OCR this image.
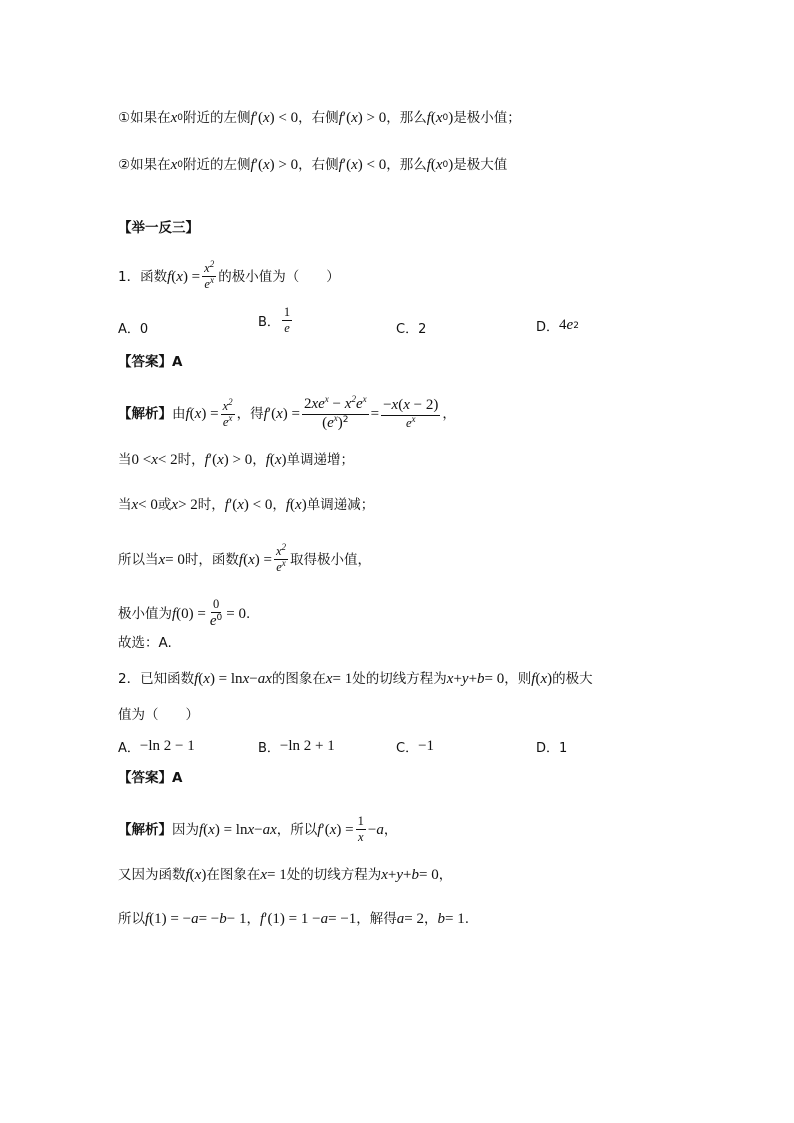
①如果在 x 0 附近的左侧 f ′( x ) < 0 ，右侧 f ′( x ) > 0 ，那么 f ( x 0 ) 是极小值；
②如果在 x 0 附近的左侧 f ′( x ) > 0 ，右侧 f ′( x ) < 0 ，那么 f ( x 0 ) 是极大值
【举一反三】
1．函数 f ( x ) = $\frac{x^2}{e^x}$ 的极小值为（　　）
A．0	B． $\frac{1}{e}$	C．2	D． 4 e 2
【答案】A
【解析】 由 f ( x ) = $\frac{x^2}{e^x}$ ，得 f ′( x ) = $\frac{2xe^x - x^2e^x}{(e^x)^2} = \frac{-x(x - 2)}{e^x}$ ，
当 0 < x < 2 时， f ′( x ) > 0 ， f ( x ) 单调递增；
当 x < 0 或 x > 2 时， f ′( x ) < 0 ， f ( x ) 单调递减；
所以当 x = 0 时，函数 f ( x ) = $\frac{x^2}{e^x}$ 取得极小值，
极小值为 f $(0) = \frac{0}{e^0} = 0$ .
故选：A.
2．已知函数 f ( x ) = ln x − ax 的图象在 x = 1 处的切线方程为 x + y + b = 0 ，则 f ( x ) 的极大
值为（　　）
A． −ln 2 − 1	B． −ln 2 + 1	C． −1	D．1
【答案】A
【解析】 因为 f ( x ) = ln x − ax ，所以 f ′( x ) = $\frac{1}{x} - a$ ，
又因为函数 f ( x ) 在图象在 x = 1 处的切线方程为 x + y + b = 0 ，
所以 f (1) = − a = − b − 1 ， f ′(1) = 1 − a = −1 ，解得 a = 2 ， b = 1 .
